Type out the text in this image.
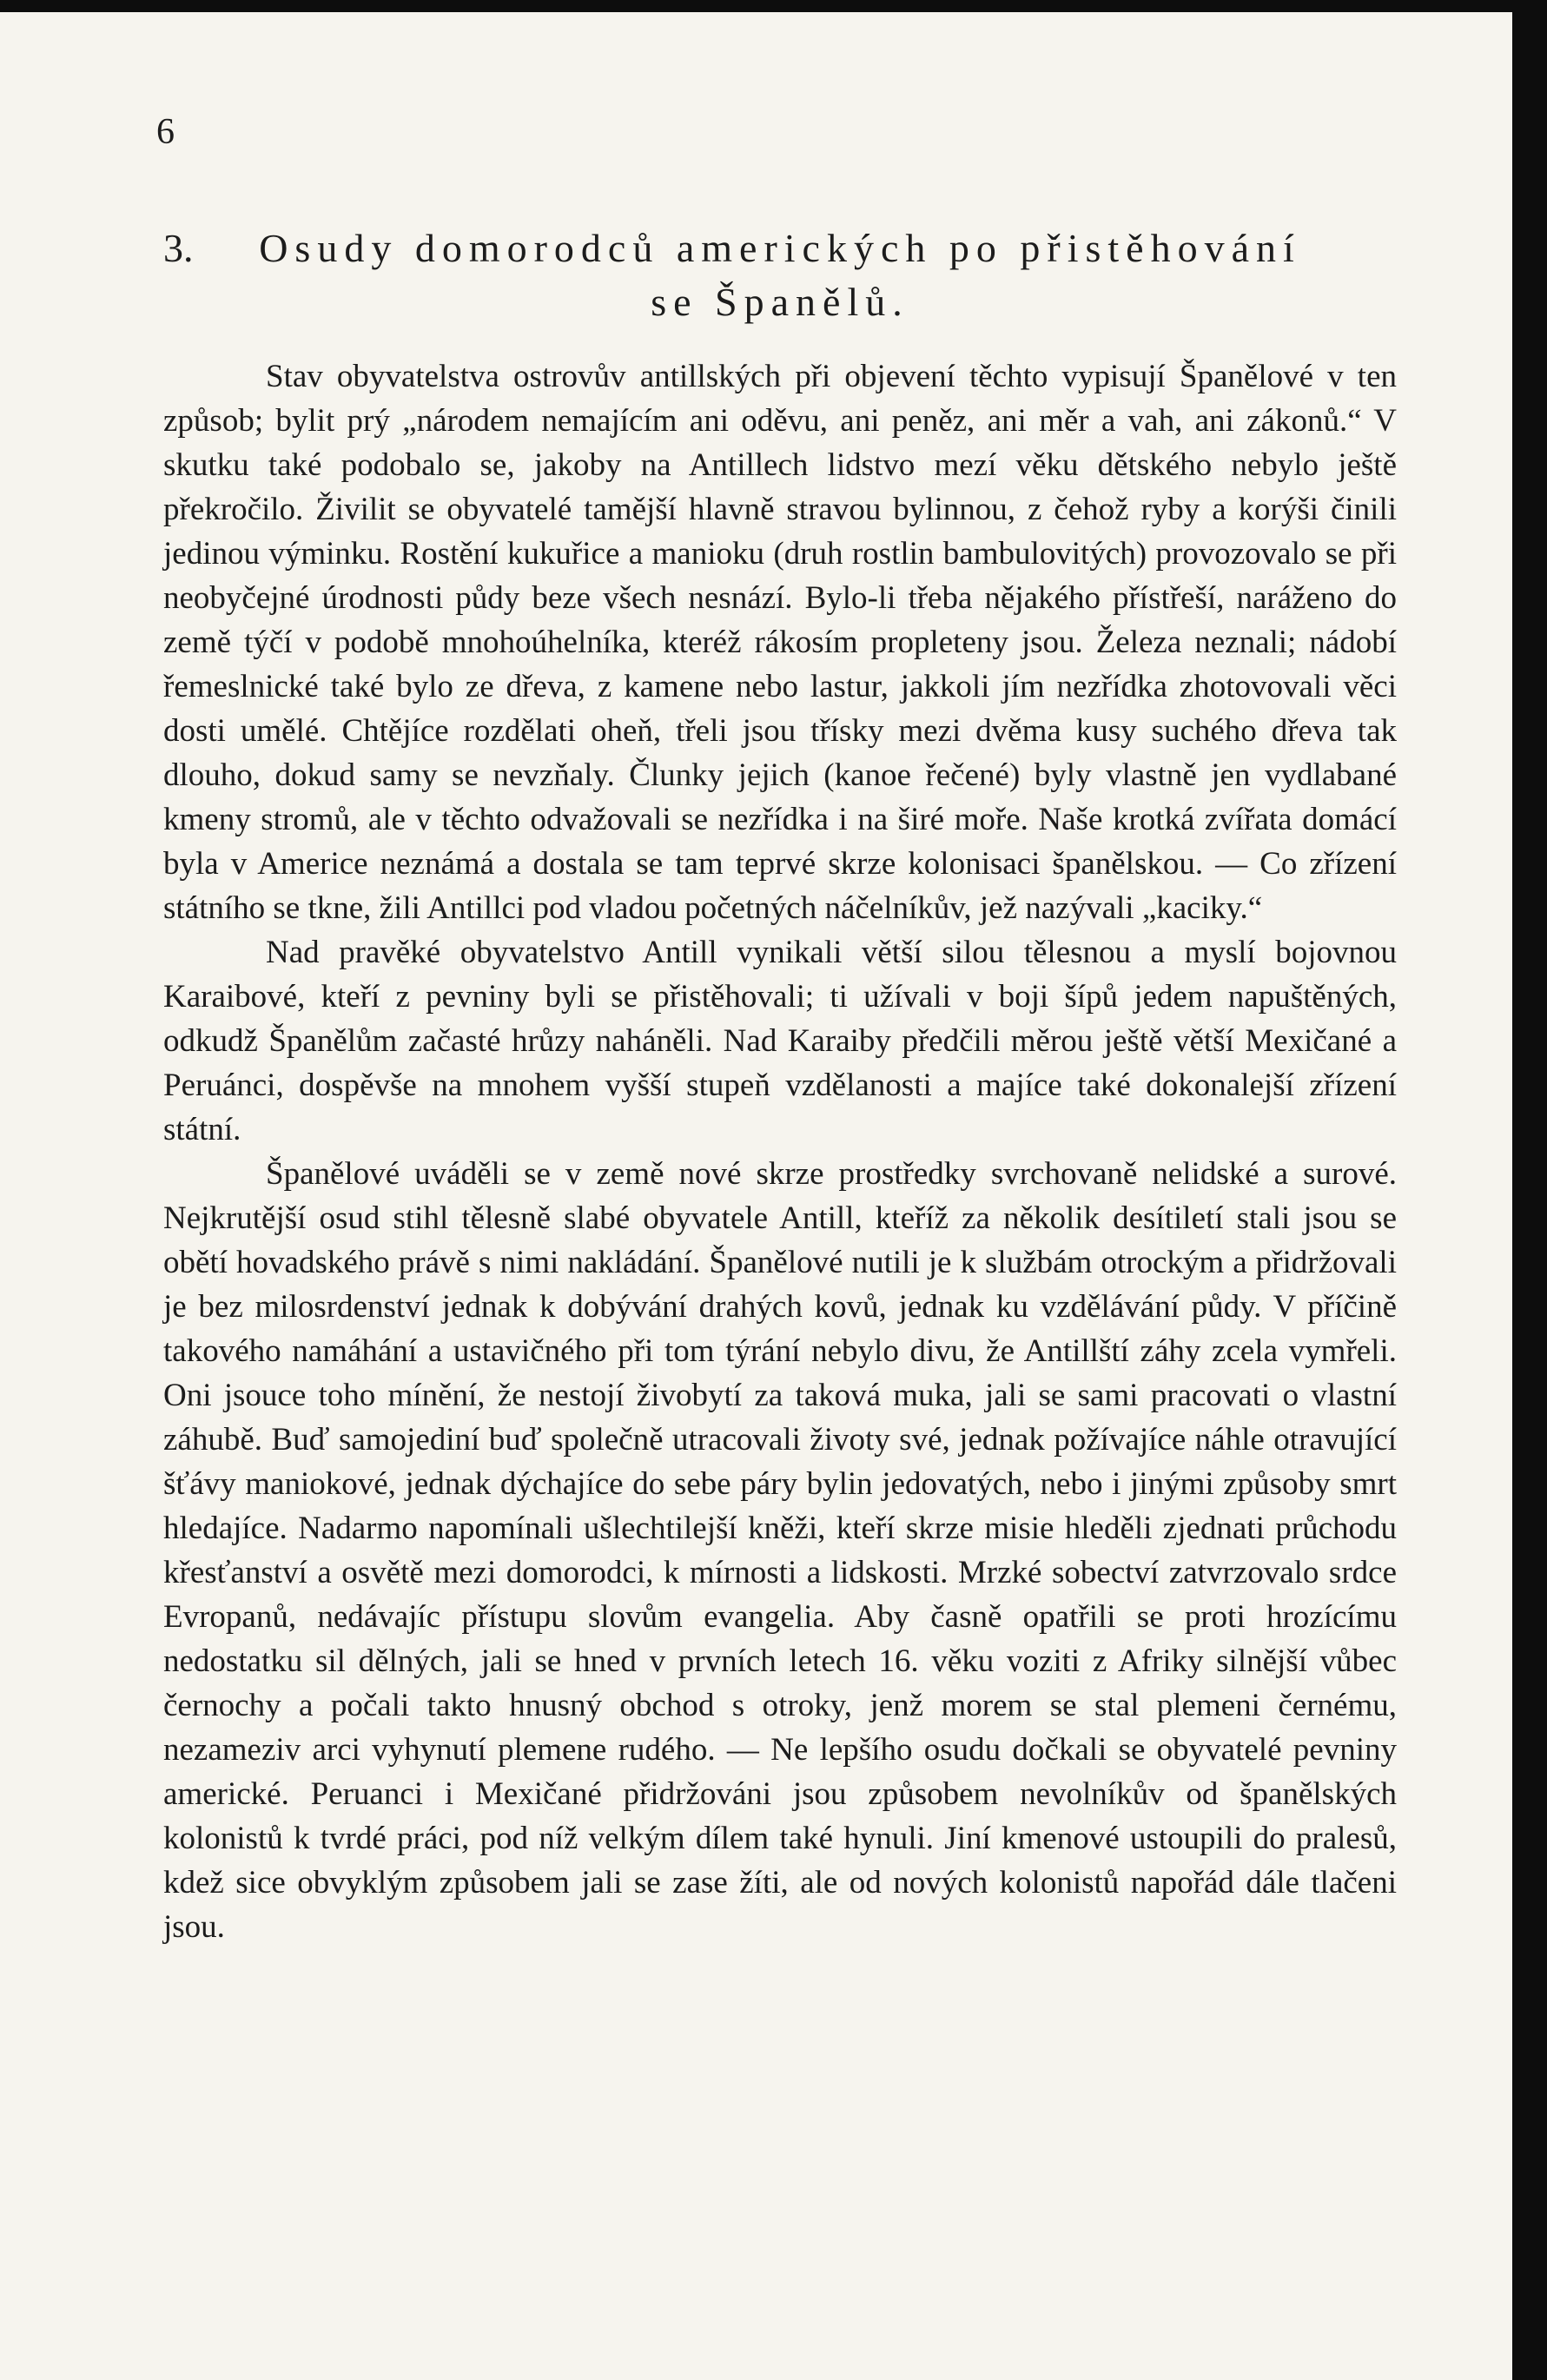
6
3.	Osudy domorodců amerických po přistěhování
se Španělů.

Stav obyvatelstva ostrovův antillských při objevení těchto vypisují Španělové v ten způsob; bylit prý „národem nemajícím ani oděvu, ani peněz, ani měr a vah, ani zákonů.“ V skutku také podobalo se, jakoby na Antillech lidstvo mezí věku dětského nebylo ještě překročilo. Živilit se obyvatelé tamější hlavně stravou bylinnou, z čehož ryby a korýši činili jedinou výminku. Rostění kukuřice a manioku (druh rostlin bambulovitých) provozovalo se při neobyčejné úrodnosti půdy beze všech nesnází. Bylo-li třeba nějakého přístřeší, naráženo do země týčí v podobě mnohoúhelníka, kteréž rákosím propleteny jsou. Železa neznali; nádobí řemeslnické také bylo ze dřeva, z kamene nebo lastur, jakkoli jím nezřídka zhotovovali věci dosti umělé. Chtějíce rozdělati oheň, třeli jsou třísky mezi dvěma kusy suchého dřeva tak dlouho, dokud samy se nevzňaly. Člunky jejich (kanoe řečené) byly vlastně jen vydlabané kmeny stromů, ale v těchto odvažovali se nezřídka i na širé moře. Naše krotká zvířata domácí byla v Americe neznámá a dostala se tam teprvé skrze kolonisaci španělskou. — Co zřízení státního se tkne, žili Antillci pod vladou početných náčelníkův, jež nazývali „kaciky.“

Nad pravěké obyvatelstvo Antill vynikali větší silou tělesnou a myslí bojovnou Karaibové, kteří z pevniny byli se přistěhovali; ti užívali v boji šípů jedem napuštěných, odkudž Španělům začasté hrůzy naháněli. Nad Karaiby předčili měrou ještě větší Mexičané a Peruánci, dospěvše na mnohem vyšší stupeň vzdělanosti a majíce také dokonalejší zřízení státní.

Španělové uváděli se v země nové skrze prostředky svrchovaně nelidské a surové. Nejkrutější osud stihl tělesně slabé obyvatele Antill, kteříž za několik desítiletí stali jsou se obětí hovadského právě s nimi nakládání. Španělové nutili je k službám otrockým a přidržovali je bez milosrdenství jednak k dobývání drahých kovů, jednak ku vzdělávání půdy. V příčině takového namáhání a ustavičného při tom týrání nebylo divu, že Antillští záhy zcela vymřeli. Oni jsouce toho mínění, že nestojí živobytí za taková muka, jali se sami pracovati o vlastní záhubě. Buď samojediní buď společně utracovali životy své, jednak požívajíce náhle otravující šťávy maniokové, jednak dýchajíce do sebe páry bylin jedovatých, nebo i jinými způsoby smrt hledajíce. Nadarmo napomínali ušlechtilejší kněži, kteří skrze misie hleděli zjednati průchodu křesťanství a osvětě mezi domorodci, k mírnosti a lidskosti. Mrzké sobectví zatvrzovalo srdce Evropanů, nedávajíc přístupu slovům evangelia. Aby časně opatřili se proti hrozícímu nedostatku sil dělných, jali se hned v prvních letech 16. věku voziti z Afriky silnější vůbec černochy a počali takto hnusný obchod s otroky, jenž morem se stal plemeni černému, nezameziv arci vyhynutí plemene rudého. — Ne lepšího osudu dočkali se obyvatelé pevniny americké. Peruanci i Mexičané přidržováni jsou způsobem nevolníkův od španělských kolonistů k tvrdé práci, pod níž velkým dílem také hynuli. Jiní kmenové ustoupili do pralesů, kdež sice obvyklým způsobem jali se zase žíti, ale od nových kolonistů napořád dále tlačeni jsou.
